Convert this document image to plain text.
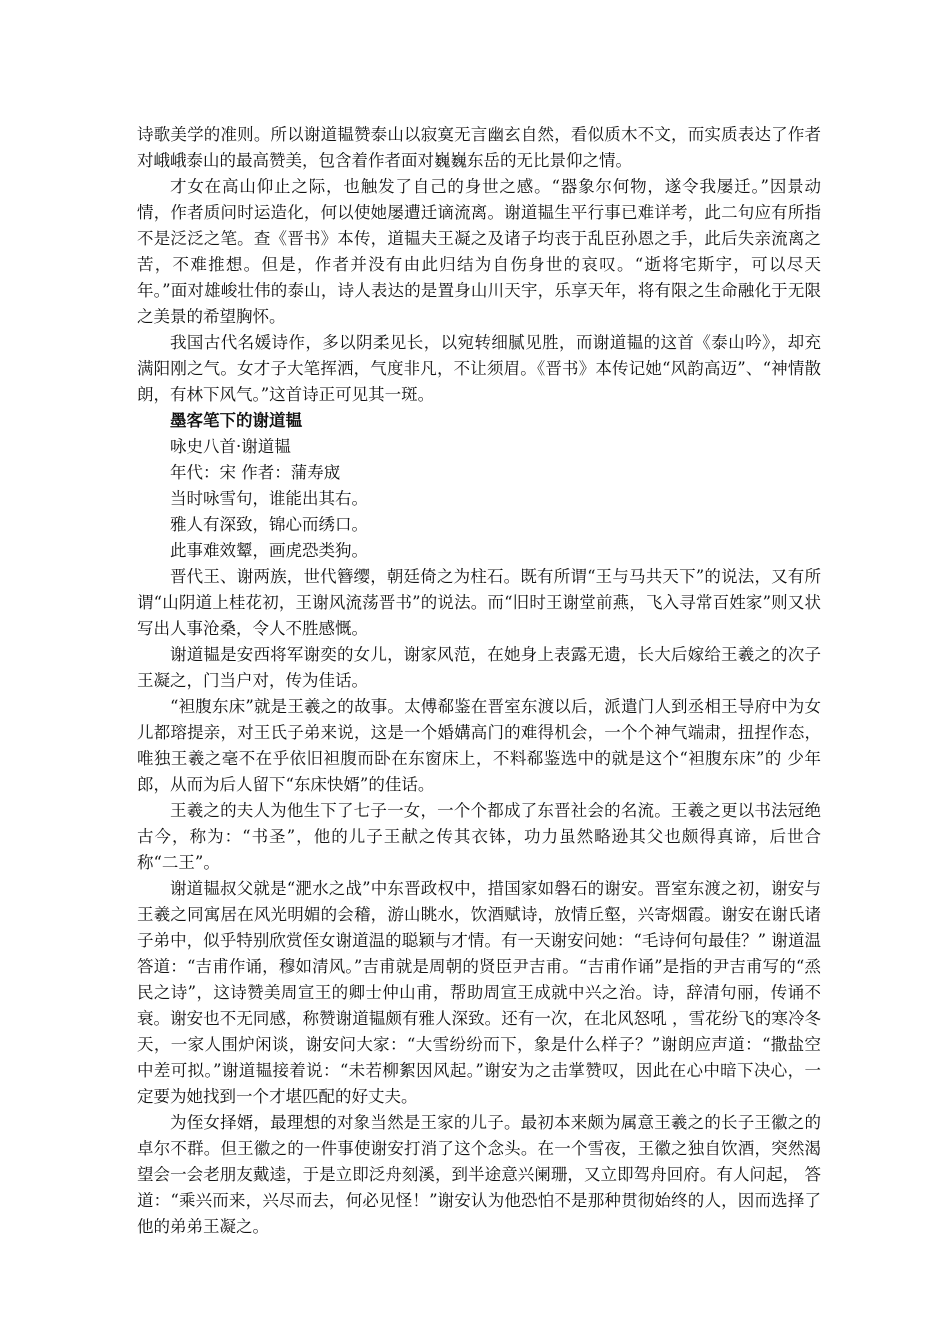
诗歌美学的准则。所以谢道韫赞泰山以寂寞无言幽玄自然，看似质木不文，而实质表达了作者对峨峨泰山的最高赞美，包含着作者面对巍巍东岳的无比景仰之情。

才女在高山仰止之际，也触发了自己的身世之感。“器象尔何物，遂令我屡迁。”因景动情，作者质问时运造化，何以使她屡遭迁谪流离。谢道韫生平行事已难详考，此二句应有所指不是泛泛之笔。查《晋书》本传，道韫夫王凝之及诸子均丧于乱臣孙恩之手，此后失亲流离之苦，不难推想。但是，作者并没有由此归结为自伤身世的哀叹。“逝将宅斯宇，可以尽天年。”面对雄峻壮伟的泰山，诗人表达的是置身山川天宇，乐享天年，将有限之生命融化于无限之美景的希望胸怀。

我国古代名媛诗作，多以阴柔见长，以宛转细腻见胜，而谢道韫的这首《泰山吟》，却充满阳刚之气。女才子大笔挥洒，气度非凡，不让须眉。《晋书》本传记她“风韵高迈”、“神情散朗，有林下风气。”这首诗正可见其一斑。

墨客笔下的谢道韫

咏史八首·谢道韫

年代：宋 作者：蒲寿宬

当时咏雪句，谁能出其右。

雅人有深致，锦心而绣口。

此事难效颦，画虎恐类狗。

晋代王、谢两族，世代簪缨，朝廷倚之为柱石。既有所谓“王与马共天下”的说法，又有所谓“山阴道上桂花初，王谢风流荡晋书”的说法。而“旧时王谢堂前燕，飞入寻常百姓家”则又状写出人事沧桑，令人不胜感慨。

谢道韫是安西将军谢奕的女儿，谢家风范，在她身上表露无遗，长大后嫁给王羲之的次子王凝之，门当户对，传为佳话。

“袒腹东床”就是王羲之的故事。太傅郗鉴在晋室东渡以后，派遣门人到丞相王导府中为女儿都瑢提亲，对王氏子弟来说，这是一个婚媾高门的难得机会，一个个神气端肃，扭捏作态，唯独王羲之毫不在乎依旧袒腹而卧在东窗床上，不料郗鉴选中的就是这个“袒腹东床”的 少年郎，从而为后人留下“东床快婿”的佳话。

王羲之的夫人为他生下了七子一女，一个个都成了东晋社会的名流。王羲之更以书法冠绝古今，称为：“书圣”，他的儿子王献之传其衣钵，功力虽然略逊其父也颇得真谛，后世合称“二王”。

谢道韫叔父就是“淝水之战”中东晋政权中，措国家如磐石的谢安。晋室东渡之初，谢安与王羲之同寓居在风光明媚的会稽，游山眺水，饮酒赋诗，放情丘壑，兴寄烟霞。谢安在谢氏诸子弟中，似乎特别欣赏侄女谢道温的聪颖与才情。有一天谢安问她：“毛诗何句最佳？” 谢道温答道：“吉甫作诵，穆如清风。”吉甫就是周朝的贤臣尹吉甫。“吉甫作诵”是指的尹吉甫写的“烝民之诗”，这诗赞美周宣王的卿士仲山甫，帮助周宣王成就中兴之治。诗，辞清句丽，传诵不衰。谢安也不无同感，称赞谢道韫颇有雅人深致。还有一次，在北风怒吼 ，雪花纷飞的寒冷冬天，一家人围炉闲谈，谢安问大家：“大雪纷纷而下，象是什么样子？”谢朗应声道：“撒盐空中差可拟。”谢道韫接着说：“未若柳絮因风起。”谢安为之击掌赞叹，因此在心中暗下决心，一定要为她找到一个才堪匹配的好丈夫。

为侄女择婿，最理想的对象当然是王家的儿子。最初本来颇为属意王羲之的长子王徽之的卓尔不群。但王徽之的一件事使谢安打消了这个念头。在一个雪夜，王徽之独自饮酒，突然渴望会一会老朋友戴逵，于是立即泛舟刻溪，到半途意兴阑珊，又立即驾舟回府。有人问起， 答道：“乘兴而来，兴尽而去，何必见怪！”谢安认为他恐怕不是那种贯彻始终的人，因而选择了他的弟弟王凝之。
